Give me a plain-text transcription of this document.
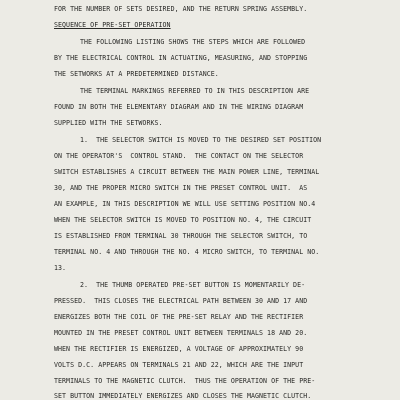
FOR THE NUMBER OF SETS DESIRED, AND THE RETURN SPRING ASSEMBLY.
SEQUENCE OF PRE-SET OPERATION
THE FOLLOWING LISTING SHOWS THE STEPS WHICH ARE FOLLOWED
BY THE ELECTRICAL CONTROL IN ACTUATING, MEASURING, AND STOPPING
THE SETWORKS AT A PREDETERMINED DISTANCE.
THE TERMINAL MARKINGS REFERRED TO IN THIS DESCRIPTION ARE
FOUND IN BOTH THE ELEMENTARY DIAGRAM AND IN THE WIRING DIAGRAM
SUPPLIED WITH THE SETWORKS.
1.  THE SELECTOR SWITCH IS MOVED TO THE DESIRED SET POSITION
ON THE OPERATOR'S  CONTROL STAND.  THE CONTACT ON THE SELECTOR
SWITCH ESTABLISHES A CIRCUIT BETWEEN THE MAIN POWER LINE, TERMINAL
30, AND THE PROPER MICRO SWITCH IN THE PRESET CONTROL UNIT.  AS
AN EXAMPLE, IN THIS DESCRIPTION WE WILL USE SETTING POSITION NO.4
WHEN THE SELECTOR SWITCH IS MOVED TO POSITION NO. 4, THE CIRCUIT
IS ESTABLISHED FROM TERMINAL 30 THROUGH THE SELECTOR SWITCH, TO
TERMINAL NO. 4 AND THROUGH THE NO. 4 MICRO SWITCH, TO TERMINAL NO.
13.
2.  THE THUMB OPERATED PRE-SET BUTTON IS MOMENTARILY DE-
PRESSED.  THIS CLOSES THE ELECTRICAL PATH BETWEEN 30 AND 17 AND
ENERGIZES BOTH THE COIL OF THE PRE-SET RELAY AND THE RECTIFIER
MOUNTED IN THE PRESET CONTROL UNIT BETWEEN TERMINALS 18 AND 20.
WHEN THE RECTIFIER IS ENERGIZED, A VOLTAGE OF APPROXIMATELY 90
VOLTS D.C. APPEARS ON TERMINALS 21 AND 22, WHICH ARE THE INPUT
TERMINALS TO THE MAGNETIC CLUTCH.  THUS THE OPERATION OF THE PRE-
SET BUTTON IMMEDIATELY ENERGIZES AND CLOSES THE MAGNETIC CLUTCH.
